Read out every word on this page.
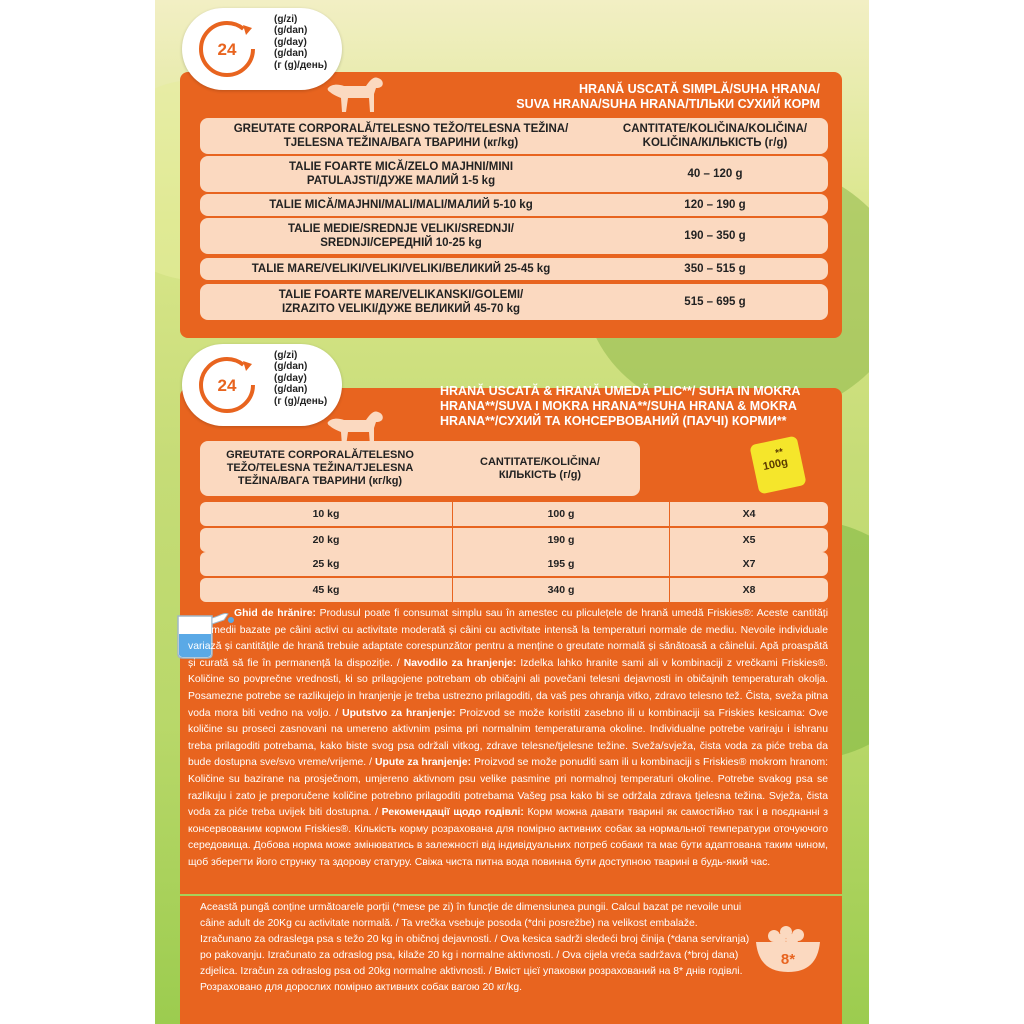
24
(g/zi)
(g/dan)
(g/day)
(g/dan)
(г (g)/день)
HRANĂ USCATĂ SIMPLĂ/SUHA HRANA/
SUVA HRANA/SUHA HRANA/ТІЛЬКИ СУХИЙ КОРМ
GREUTATE CORPORALĂ/TELESNO TEŽO/TELESNA TEŽINA/
TJELESNA TEŽINA/ВАГА ТВАРИНИ (кг/kg)
CANTITATE/KOLIČINA/KOLIČINA/
KOLIČINA/КІЛЬКІСТЬ (г/g)
TALIE FOARTE MICĂ/ZELO MAJHNI/MINI
PATULAJSTI/ДУЖЕ МАЛИЙ 1-5 kg
40 – 120 g
TALIE MICĂ/MAJHNI/MALI/MALI/МАЛИЙ 5-10 kg	120 – 190 g
TALIE MEDIE/SREDNJE VELIKI/SREDNJI/
SREDNJI/СЕРЕДНІЙ 10-25 kg
190 – 350 g
TALIE MARE/VELIKI/VELIKI/VELIKI/ВЕЛИКИЙ 25-45 kg	350 – 515 g
TALIE FOARTE MARE/VELIKANSKI/GOLEMI/
IZRAZITO VELIKI/ДУЖЕ ВЕЛИКИЙ 45-70 kg
515 – 695 g
24
(g/zi)
(g/dan)
(g/day)
(g/dan)
(г (g)/день)
HRANĂ USCATĂ & HRANĂ UMEDĂ PLIC**/ SUHA IN MOKRA
HRANA**/SUVA I MOKRA HRANA**/SUHA HRANA & MOKRA
HRANA**/СУХИЙ ТА КОНСЕРВОВАНИЙ (ПАУЧІ) КОРМИ**
GREUTATE CORPORALĂ/TELESNO
TEŽO/TELESNA TEŽINA/TJELESNA
TEŽINA/ВАГА ТВАРИНИ (кг/kg)
CANTITATE/KOLIČINA/
КІЛЬКІСТЬ (г/g)
**
100g
10 kg	100 g	X4
20 kg	190 g	X5
25 kg	195 g	X7
45 kg	340 g	X8
Ghid de hrănire: Produsul poate fi consumat simplu sau în amestec cu pliculețele de hrană umedă Friskies®: Aceste cantități sunt medii bazate pe câini activi cu activitate moderată și câini cu activitate intensă la temperaturi normale de mediu. Nevoile individuale variază și cantitățile de hrană trebuie adaptate corespunzător pentru a menține o greutate normală și sănătoasă a câinelui. Apă proaspătă și curată să fie în permanență la dispoziție. / Navodilo za hranjenje: Izdelka lahko hranite sami ali v kombinaciji z vrečkami Friskies®. Količine so povprečne vrednosti, ki so prilagojene potrebam ob običajni ali povečani telesni dejavnosti in običajnih temperaturah okolja. Posamezne potrebe se razlikujejo in hranjenje je treba ustrezno prilagoditi, da vaš pes ohranja vitko, zdravo telesno tež. Čista, sveža pitna voda mora biti vedno na voljo. / Uputstvo za hranjenje: Proizvod se može koristiti zasebno ili u kombinaciji sa Friskies kesicama: Ove količine su proseci zasnovani na umereno aktivnim psima pri normalnim temperaturama okoline. Individualne potrebe variraju i ishranu treba prilagoditi potrebama, kako biste svog psa održali vitkog, zdrave telesne/tjelesne težine. Sveža/svježa, čista voda za piće treba da bude dostupna sve/svo vreme/vrijeme. / Upute za hranjenje: Proizvod se može ponuditi sam ili u kombinaciji s Friskies® mokrom hranom: Količine su bazirane na prosječnom, umjereno aktivnom psu velike pasmine pri normalnoj temperaturi okoline. Potrebe svakog psa se razlikuju i zato je preporučene količine potrebno prilagoditi potrebama Vašeg psa kako bi se održala zdrava tjelesna težina. Svježa, čista voda za piće treba uvijek biti dostupna. / Рекомендації щодо годівлі: Корм можна давати тварині як самостійно так і в поєднанні з консервованим кормом Friskies®. Кількість корму розрахована для помірно активних собак за нормальної температури оточуючого середовища. Добова норма може змінюватись в залежності від індивідуальних потреб собаки та має бути адаптована таким чином, щоб зберегти його струнку та здорову статуру. Свіжа чиста питна вода повинна бути доступною тварині в будь-який час.
Această pungă conține următoarele porții (*mese pe zi) în funcție de dimensiunea pungii. Calcul bazat pe nevoile unui câine adult de 20Kg cu activitate normală. / Ta vrečka vsebuje posoda (*dni posrežbe) na velikost embalaže. Izračunano za odraslega psa s težo 20 kg in običnoj dejavnosti. / Ova kesica sadrži sledeći broj činija (*dana serviranja) po pakovanju. Izračunato za odraslog psa, kilaže 20 kg i normalne aktivnosti. / Ova cijela vreća sadržava (*broj dana) zdjelica. Izračun za odraslog psa od 20kg normalne aktivnosti. / Вміст цієї упаковки розрахований на 8* днів годівлі. Розраховано для дорослих помірно активних собак вагою 20 кг/kg.
8*
